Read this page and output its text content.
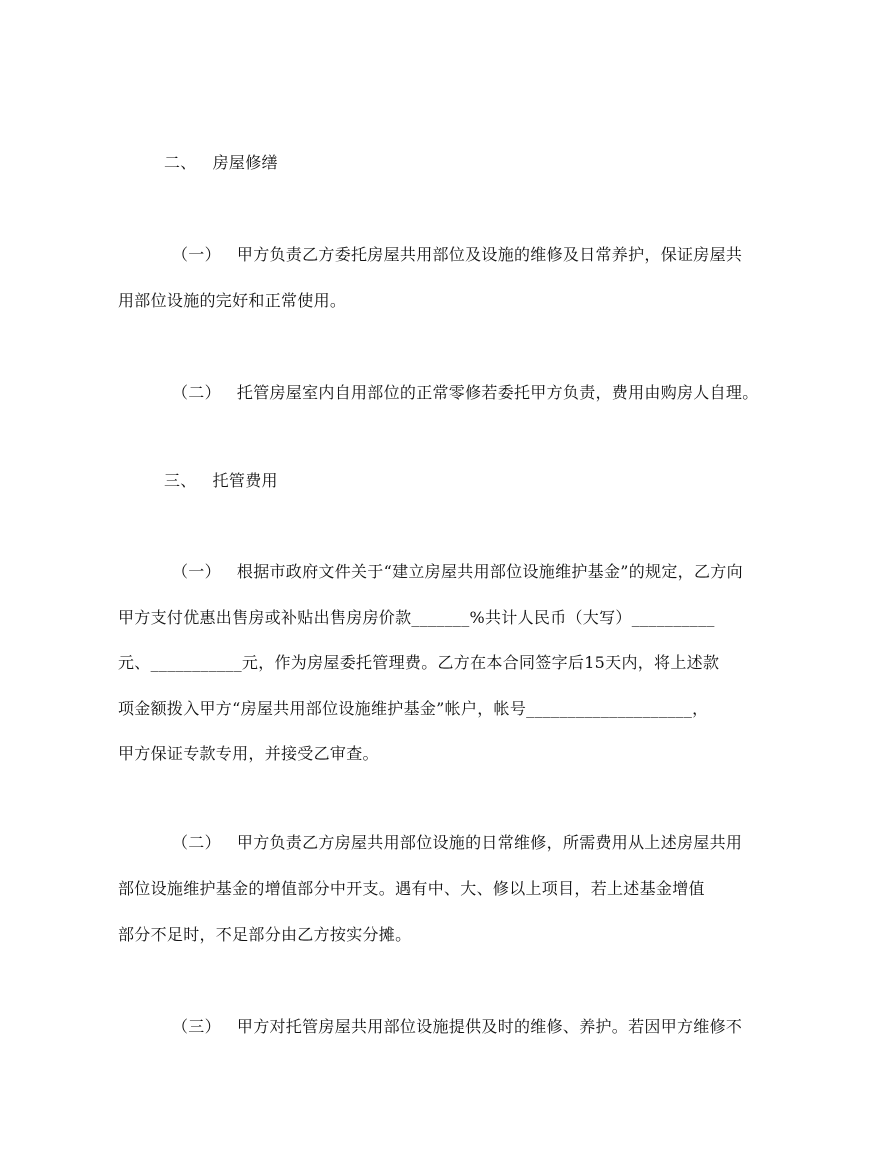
二、 房屋修缮
（一） 甲方负责乙方委托房屋共用部位及设施的维修及日常养护，保证房屋共
用部位设施的完好和正常使用。
（二） 托管房屋室内自用部位的正常零修若委托甲方负责，费用由购房人自理。
三、 托管费用
（一） 根据市政府文件关于“建立房屋共用部位设施维护基金”的规定，乙方向
甲方支付优惠出售房或补贴出售房房价款_______%共计人民币（大写）__________
元、___________元，作为房屋委托管理费。乙方在本合同签字后15天内，将上述款
项金额拨入甲方“房屋共用部位设施维护基金”帐户，帐号____________________，
甲方保证专款专用，并接受乙审查。
（二） 甲方负责乙方房屋共用部位设施的日常维修，所需费用从上述房屋共用
部位设施维护基金的增值部分中开支。遇有中、大、修以上项目，若上述基金增值
部分不足时，不足部分由乙方按实分摊。
（三） 甲方对托管房屋共用部位设施提供及时的维修、养护。若因甲方维修不
